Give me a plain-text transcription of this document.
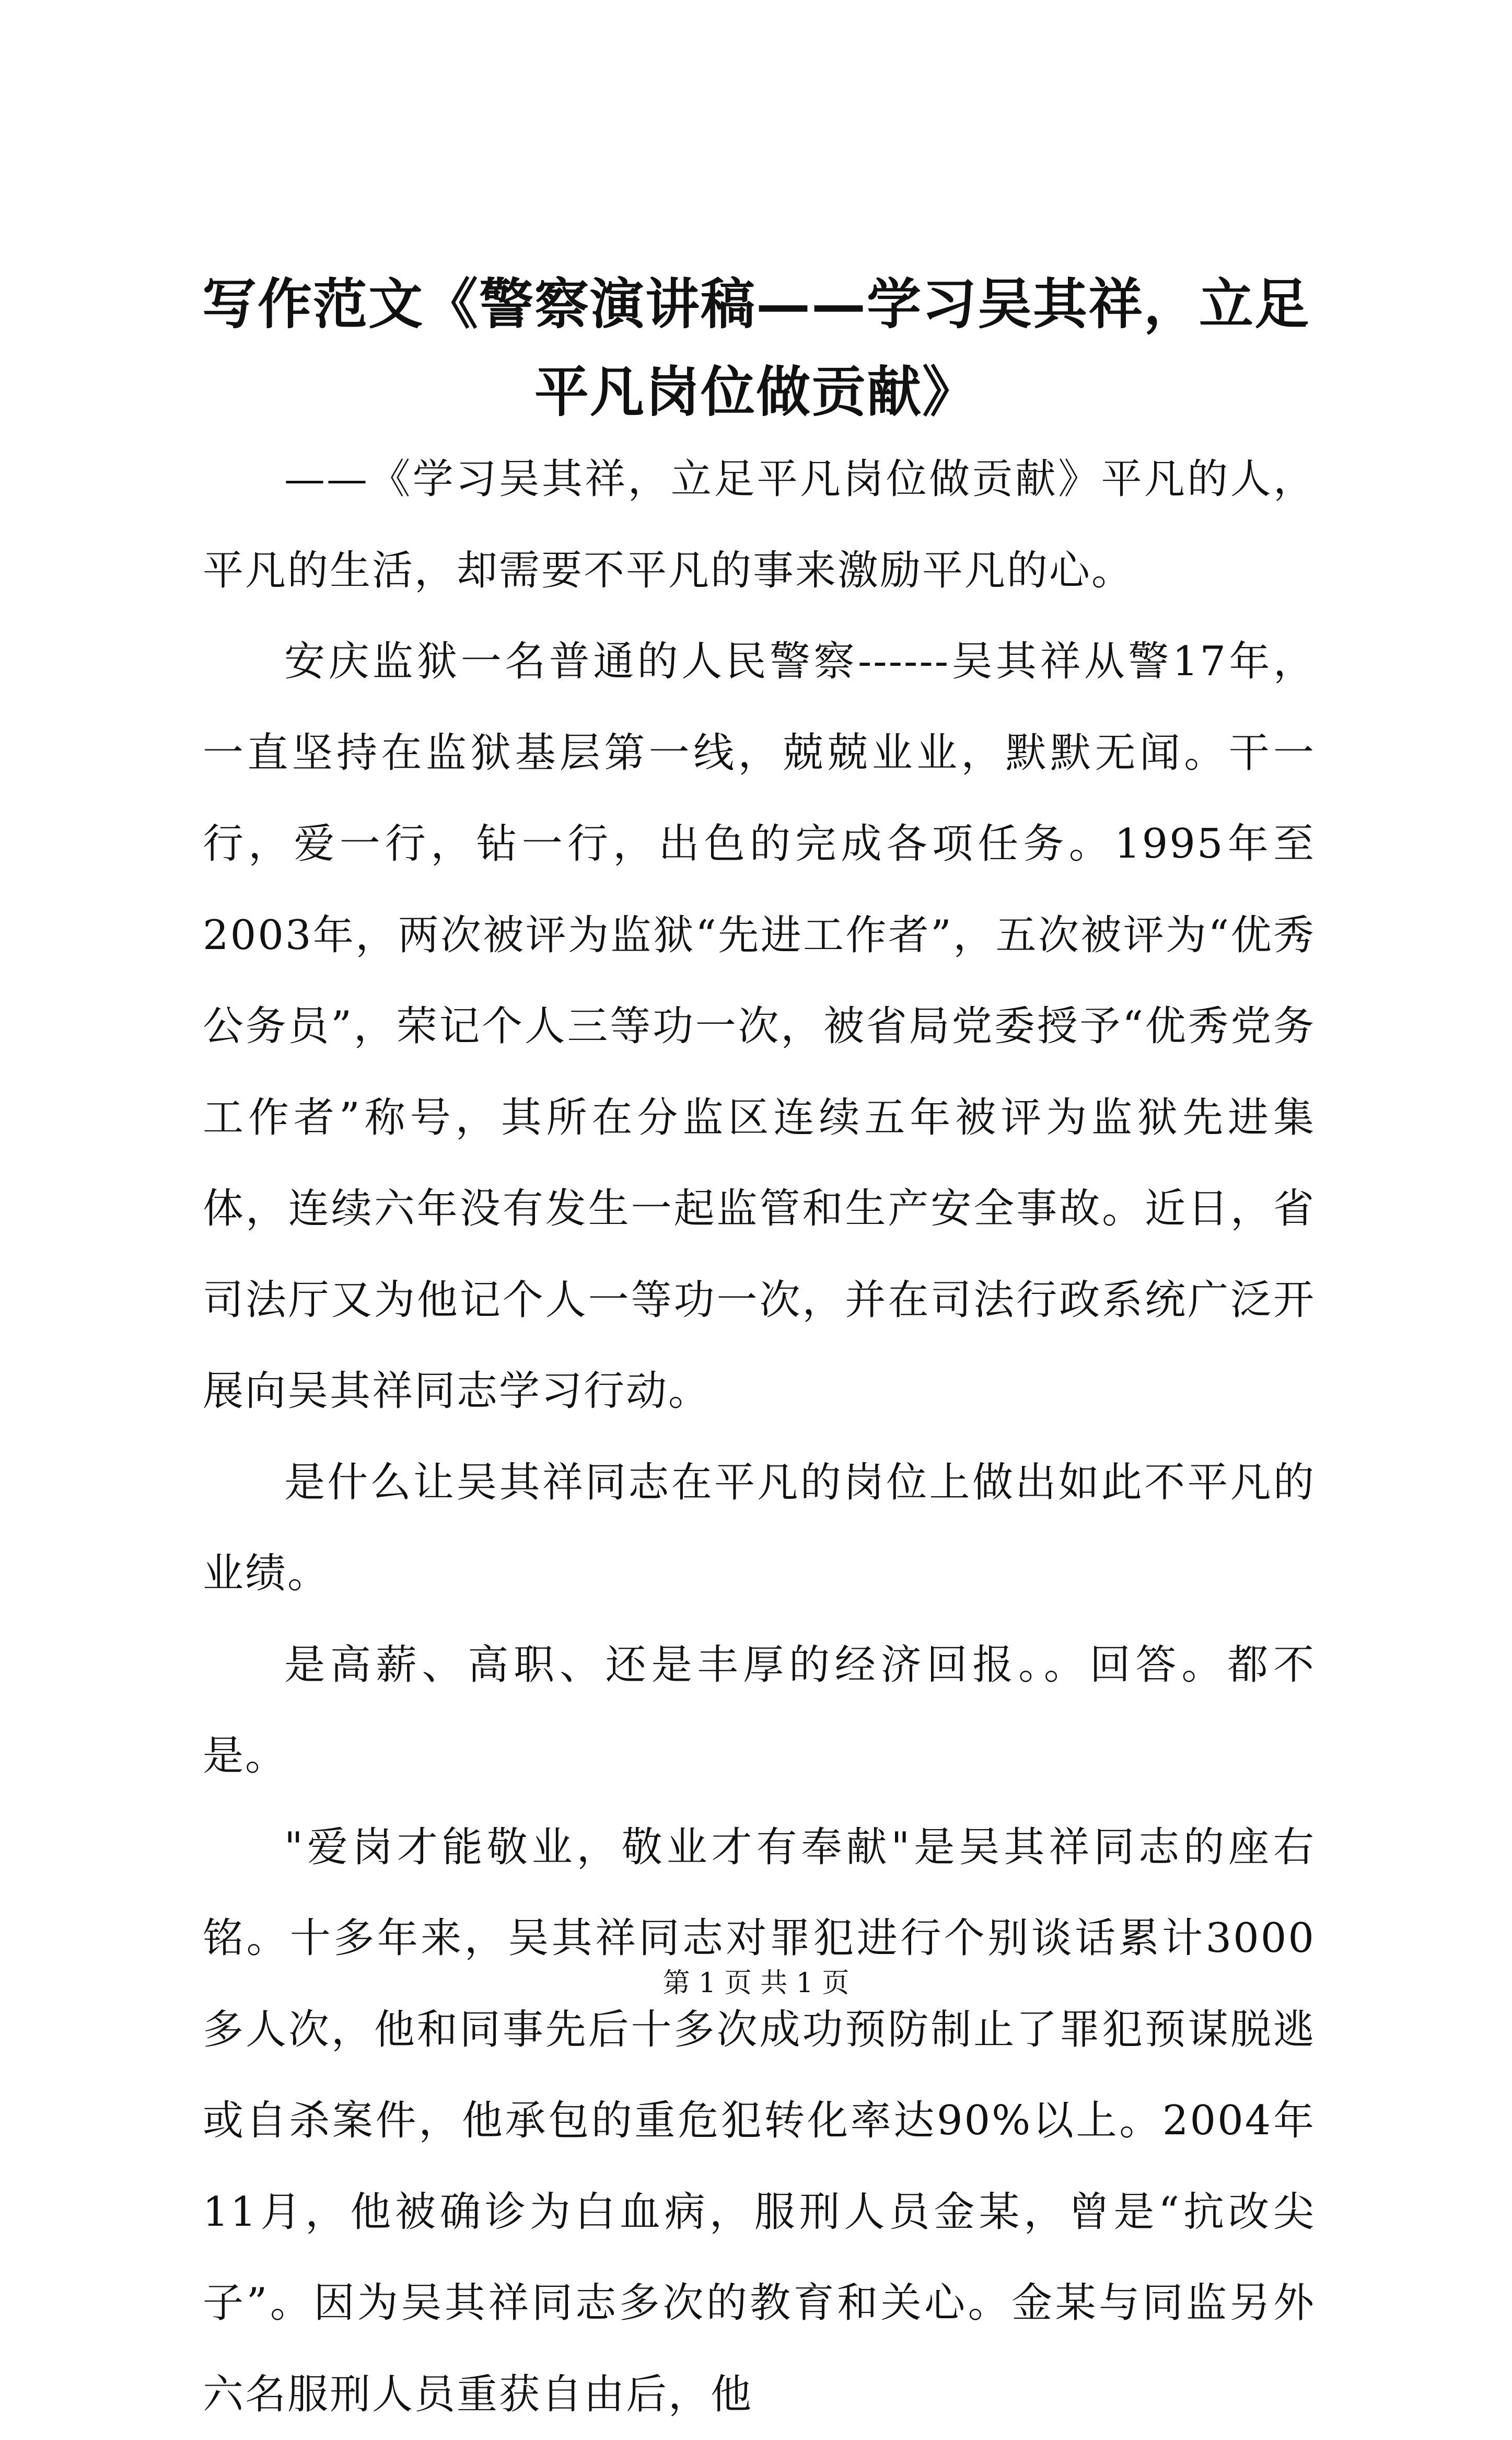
写作范文《警察演讲稿——学习吴其祥，立足平凡岗位做贡献》

——《学习吴其祥，立足平凡岗位做贡献》平凡的人，平凡的生活，却需要不平凡的事来激励平凡的心。

安庆监狱一名普通的人民警察------吴其祥从警17年，一直坚持在监狱基层第一线，兢兢业业，默默无闻。干一行，爱一行，钻一行，出色的完成各项任务。1995年至2003年，两次被评为监狱“先进工作者”，五次被评为“优秀公务员”，荣记个人三等功一次，被省局党委授予“优秀党务工作者”称号，其所在分监区连续五年被评为监狱先进集体，连续六年没有发生一起监管和生产安全事故。近日，省司法厅又为他记个人一等功一次，并在司法行政系统广泛开展向吴其祥同志学习行动。

是什么让吴其祥同志在平凡的岗位上做出如此不平凡的业绩。

是高薪、高职、还是丰厚的经济回报。。回答。都不是。

"爱岗才能敬业，敬业才有奉献"是吴其祥同志的座右铭。十多年来，吴其祥同志对罪犯进行个别谈话累计3000多人次，他和同事先后十多次成功预防制止了罪犯预谋脱逃或自杀案件，他承包的重危犯转化率达90%以上。2004年11月，他被确诊为白血病，服刑人员金某，曾是“抗改尖子”。因为吴其祥同志多次的教育和关心。金某与同监另外六名服刑人员重获自由后，他

第 1 页 共 1 页
